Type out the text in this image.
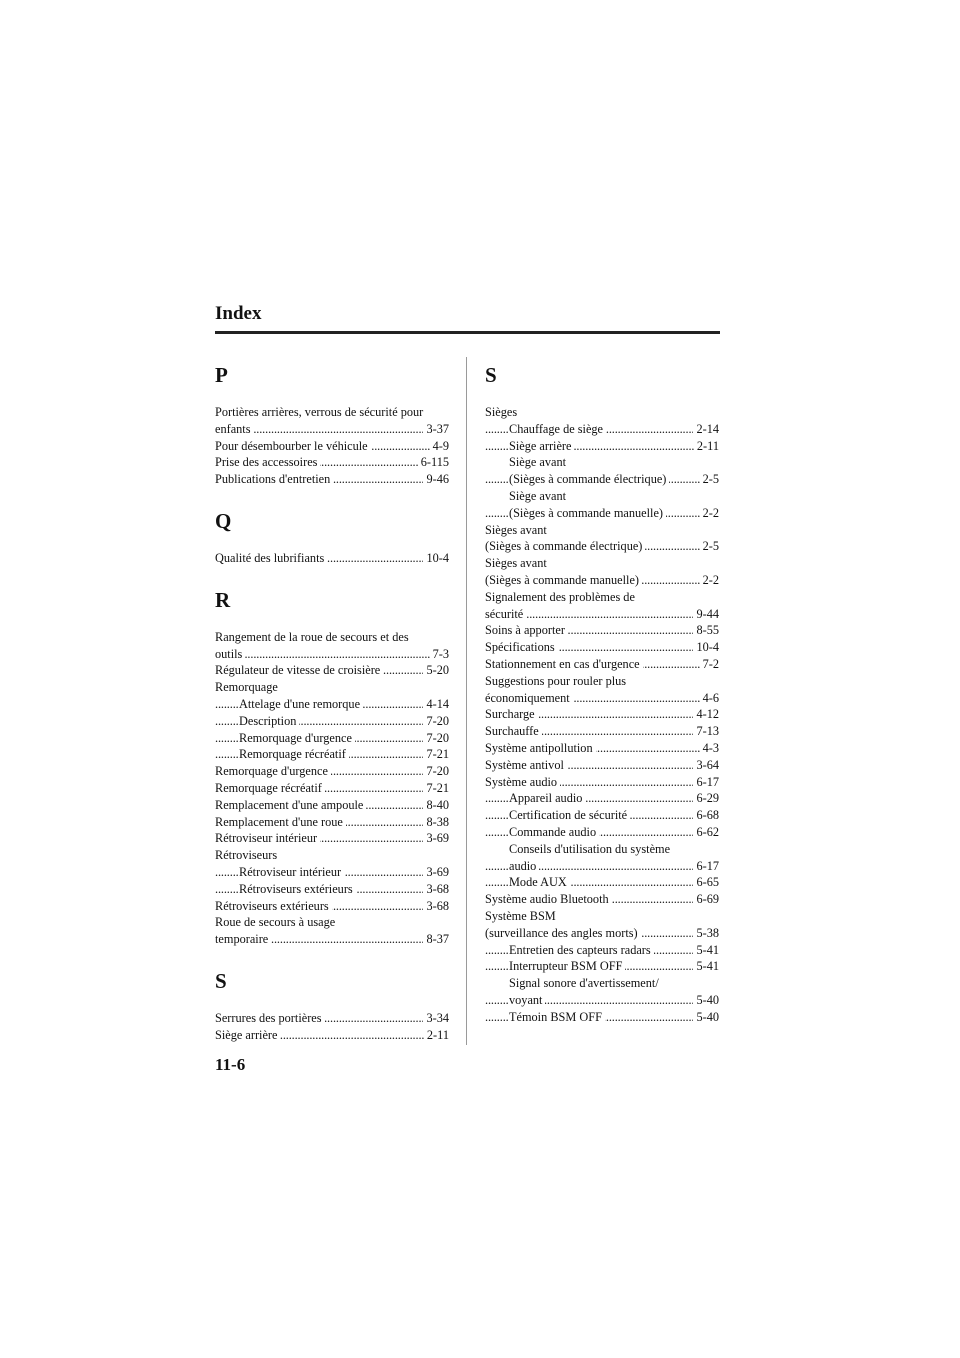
Index
P
Portières arrières, verrous de sécurité pour
. . . enfants	3-37
. . . Pour désembourber le véhicule	4-9
. . . Prise des accessoires	6-115
. . . Publications d'entretien	9-46
Q
. . . Qualité des lubrifiants	10-4
R
Rangement de la roue de secours et des
. . . outils	7-3
. . . Régulateur de vitesse de croisière	5-20
Remorquage
. . . Attelage d'une remorque	4-14
. . . Description	7-20
. . . Remorquage d'urgence	7-20
. . . Remorquage récréatif	7-21
. . . Remorquage d'urgence	7-20
. . . Remorquage récréatif	7-21
. . . Remplacement d'une ampoule	8-40
. . . Remplacement d'une roue	8-38
. . . Rétroviseur intérieur	3-69
Rétroviseurs
. . . Rétroviseur intérieur	3-69
. . . Rétroviseurs extérieurs	3-68
. . . Rétroviseurs extérieurs	3-68
Roue de secours à usage
. . . temporaire	8-37
S
. . . Serrures des portières	3-34
. . . Siège arrière	2-11
S
Sièges
. . . Chauffage de siège	2-14
. . . Siège arrière	2-11
Siège avant
. . . (Sièges à commande électrique)	2-5
Siège avant
. . . (Sièges à commande manuelle)	2-2
Sièges avant
. . . (Sièges à commande électrique)	2-5
Sièges avant
. . . (Sièges à commande manuelle)	2-2
Signalement des problèmes de
. . . sécurité	9-44
. . . Soins à apporter	8-55
. . . Spécifications	10-4
. . . Stationnement en cas d'urgence	7-2
Suggestions pour rouler plus
. . . économiquement	4-6
. . . Surcharge	4-12
. . . Surchauffe	7-13
. . . Système antipollution	4-3
. . . Système antivol	3-64
. . . Système audio	6-17
. . . Appareil audio	6-29
. . . Certification de sécurité	6-68
. . . Commande audio	6-62
Conseils d'utilisation du système
. . . audio	6-17
. . . Mode AUX	6-65
. . . Système audio Bluetooth	6-69
Système BSM
. . . (surveillance des angles morts)	5-38
. . . Entretien des capteurs radars	5-41
. . . Interrupteur BSM OFF	5-41
Signal sonore d'avertissement/
. . . voyant	5-40
. . . Témoin BSM OFF	5-40
11-6
